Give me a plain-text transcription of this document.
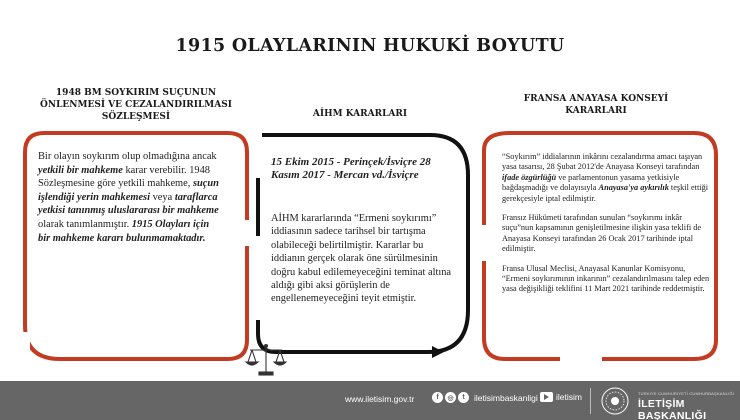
1915 OLAYLARININ HUKUKİ BOYUTU
1948 BM SOYKIRIM SUÇUNUN
ÖNLENMESİ VE CEZALANDIRILMASI
SÖZLEŞMESİ	AİHM KARARLARI
FRANSA ANAYASA KONSEYİ
KARARLARI
Bir olayın soykırım olup olmadığına ancak yetkili bir mahkeme karar verebilir. 1948 Sözleşmesine göre yetkili mahkeme, suçun işlendiği yerin mahkemesi veya taraflarca yetkisi tanınmış uluslararası bir mahkeme olarak tanımlanmıştır. 1915 Olayları için bir mahkeme kararı bulunmamaktadır.
15 Ekim 2015 - Perinçek/İsviçre 28 Kasım 2017 - Mercan vd./İsviçre
AİHM kararlarında “Ermeni soykırımı” iddiasının sadece tarihsel bir tartışma olabileceği belirtilmiştir. Kararlar bu iddianın gerçek olarak öne sürülmesinin doğru kabul edilemeyeceğini teminat altına aldığı gibi aksi görüşlerin de engellenemeyeceğini teyit etmiştir.

“Soykırım” iddialarının inkârını cezalandırma amacı taşıyan yasa tasarısı, 28 Şubat 2012'de Anayasa Konseyi tarafından ifade özgürlüğü ve parlamentonun yasama yetkisiyle bağdaşmadığı ve dolayısıyla Anayasa'ya aykırılık teşkil ettiği gerekçesiyle iptal edilmiştir.

Fransız Hükümeti tarafından sunulan “soykırımı inkâr suçu”nun kapsamının genişletilmesine ilişkin yasa teklifi de Anayasa Konseyi tarafından 26 Ocak 2017 tarihinde iptal edilmiştir.

Fransa Ulusal Meclisi, Anayasal Kanunlar Komisyonu, “Ermeni soykırımının inkarının” cezalandırılmasını talep eden yasa değişikliği teklifini 11 Mart 2021 tarihinde reddetmiştir.

www.iletisim.gov.tr	f	◎	t	iletisimbaskanligi iletisim	TÜRKİYE CUMHURİYETİ CUMHURBAŞKANLIĞI
İLETİŞİM BAŞKANLIĞI
